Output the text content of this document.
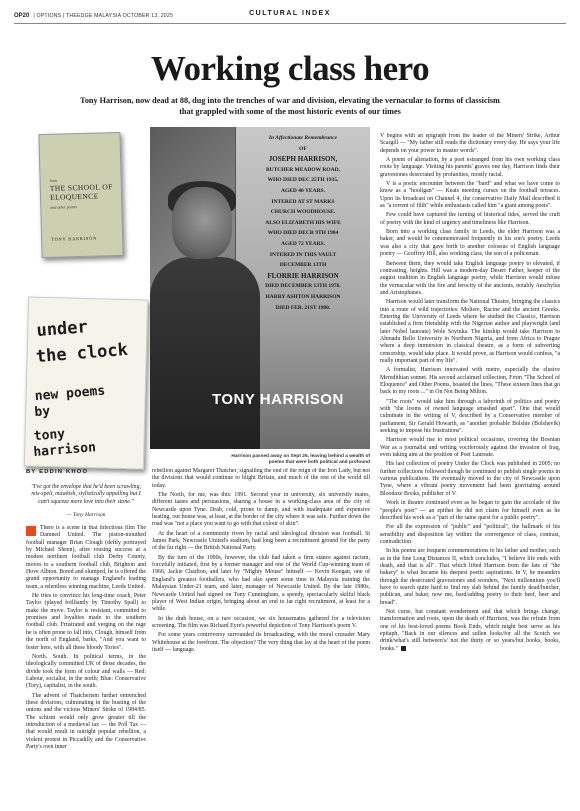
OP20 | OPTIONS | THEEDGE MALAYSIA OCTOBER 13, 2025	CULTURAL INDEX
Working class hero
Tony Harrison, now dead at 88, dug into the trenches of war and division, elevating the vernacular to forms of classicism that grappled with some of the most historic events of our times
from
THE SCHOOL OF ELOQUENCE
and other poems
TONY HARRISON
under
the clock
new poems
by
tony
harrison
In Affectionate Remembrance
OF
JOSEPH HARRISON,
BUTCHER MEADOW ROAD,
WHO DIED DEC 25TH 1935,
AGED 40 YEARS.
INTERED AT ST MARKS
CHURCH WOODHOUSE.
ALSO ELIZABETH HIS WIFE
WHO DIED DECR 9TH 1984
AGED 72 YEARS.
INTERED IN THIS VAULT
DECEMBER 13TH
FLORRIE HARRISON
DIED DECEMBER 13TH 1976.
HARRY ASHTON HARRISON
DIED FEB. 21ST 1980.
TONY HARRISON
Harrison passed away on Sept 26, leaving behind a wealth of poems that were both political and profound
BY EDDIN KHOO
"I've got the envelope that he'd been scrawling, mis-spelt, mawkish, stylistically appalling but I can't squeeze more love into their stone."
— Tony Harrison

There is a scene in that infectious film The Damned United. The piston-mouthed football manager Brian Clough (deftly portrayed by Michael Sheen), after rousing success at a modest northern football club Derby County, moves to a southern football club, Brighton and Hove Albion. Bored and slumped, he is offered the grand opportunity to manage England's leading team, a relentless winning machine, Leeds United.

He tries to convince his long-time coach, Peter Taylor (played brilliantly by Timothy Spall) to make the move. Taylor is resistant, committed to promises and loyalties made to the southern football club. Frustrated and verging on the rage he is often prone to fall into, Clough, himself from the north of England, barks, "And you want to fester here, with all these bloody Tories".

North. South. In political terms, in the ideologically committed UK of those decades, the divide took the form of colour and walls — Red: Labour, socialist, in the north; Blue: Conservative (Tory), capitalist, in the south.

The advent of Thatcherism further entrenched these divisions, culminating in the busting of the unions and the vicious Miners' Strike of 1984/85. The schism would only grow greater till the introduction of a medieval tax — the Poll Tax — that would result in outright popular rebellion, a violent protest in Piccadilly and the Conservative Party's own inner

rebellion against Margaret Thatcher, signalling the end of the reign of the Iron Lady, but not the divisions that would continue to blight Britain, and much of the rest of the world till today.

The North, for me, was this: 1991. Second year in university, six university mates, different tastes and persuasions, sharing a house in a working-class area of the city of Newcastle upon Tyne. Drab, cold, prone to damp, and with inadequate and expensive heating, our house was, at least, at the border of the city where it was safe. Further down the road was "not a place you want to go with that colour of skin".

At the heart of a community riven by racial and ideological division was football. St James Park, Newcastle United's stadium, had long been a recruitment ground for the party of the far right — the British National Party.

By the turn of the 1990s, however, the club had taken a firm stance against racism, forcefully initiated, first by a former manager and one of the World Cup-winning team of 1966, Jackie Charlton, and later by "Mighty Mouse" himself — Kevin Keegan, one of England's greatest footballers, who had also spent some time in Malaysia training the Malaysian Under-21 team, and later, manager of Newcastle United. By the late 1980s, Newcastle United had signed on Tony Cunningham, a speedy, spectacularly skilful black player of West Indian origin, bringing about an end to far right recruitment, at least for a while.

In the drab house, on a rare occasion, we six housemates gathered for a television screening. The film was Richard Eyre's powerful depiction of Tony Harrison's poem V.

For some years controversy surrounded its broadcasting, with the moral crusader Mary Whitehouse at the forefront. The objection? The very thing that lay at the heart of the poem itself — language.

V begins with an epigraph from the leader of the Miners' Strike, Arthur Scargill — "My father still reads the dictionary every day. He says your life depends on your power to master words".

A poem of alienation, by a poet estranged from his own working class roots by language. Visiting his parents' graves one day, Harrison finds their gravestones desecrated by profanities, mostly racial.

V is a poetic encounter between the "bard" and what we have come to know as a "hooligan" — Keats meeting curses on the football terraces. Upon its broadcast on Channel 4, the conservative Daily Mail described it as "a torrent of filth" while enthusiasts called him "a giant among poets".

Few could have captured the turning of historical tides, served the craft of poetry with the kind of urgency and timeliness like Harrison.

Born into a working class family in Leeds, the elder Harrison was a baker, and would be commemorated frequently in his son's poetry. Leeds was also a city that gave birth to another colossus of English language poetry — Geoffrey Hill, also working class, the son of a policeman.

Between them, they would take English language poetry to elevated, if contrasting, heights. Hill was a modern-day Desert Father, keeper of the august tradition in English language poetry, while Harrison would infuse the vernacular with the fire and ferocity of the ancients, notably Aeschylus and Aristophanes.

Harrison would later transform the National Theatre, bringing the classics into a route of wild trajectories: Moliere, Racine and the ancient Greeks. Entering the University of Leeds where he studied the Classics, Harrison established a firm friendship with the Nigerian author and playwright (and later Nobel laureate) Wole Soyinka. The kinship would take Harrison to Ahmadu Bello University in Northern Nigeria, and from Africa to Prague where a deep immersion in classical theatre, as a form of subverting censorship, would take place. It would prove, as Harrison would confess, "a really important part of my life".

A formalist, Harrison innovated with metre, especially the elusive Meredithian sonnet. His second acclaimed collection, From "The School of Eloquence" and Other Poems, boasted the lines, "These sixteen lines that go back to my roots ..." in On Not Being Milton.

"The roots" would take him through a labyrinth of politics and poetry with "the looms of owned language smashed apart". One that would culminate in the writing of V, described by a Conservative member of parliament, Sir Gerald Howarth, as "another probable Bolshie (Bolshevik) seeking to impose his frustrations".

Harrison would rise to most political occasions, covering the Bosnian War as a journalist and writing vociferously against the invasion of Iraq, even taking aim at the position of Poet Laureate.

His last collection of poetry Under the Clock was published in 2005; no further collections followed though he continued to publish single poems in various publications. He eventually moved to the city of Newcastle upon Tyne, where a vibrant poetry movement had been gravitating around Bloodaxe Books, publisher of V.

Work in theatre continued even as he began to gain the accolade of the "people's poet" — an epithet he did not claim for himself even as he described his work as a "part of the same quest for a public poetry".

For all the expression of "public" and "political", the hallmark of his sensibility and disposition lay within: the convergence of class, contrast, contradiction.

In his poems are frequent commemorations to his father and mother, such as in the fine Long Distances II, which concludes, "I believe life ends with death, and that is all". That which lifted Harrison from the fate of "the bakery" is what became his deepest poetic aspirations. In V, he meanders through the desecrated gravestones and wonders, "Next millennium you'll have to search quite hard to find my slab behind the family dead/butcher, publican, and baker, now me, bard/adding poetry to their beef, beer and bread".

Not curse, but constant wonderment and that which brings change, transformation and roots, upon the death of Harrison, was the refrain from one of his best-loved poems Book Ends, which might best serve as his epitaph, "Back in our silences and sullen looks/for all the Scotch we drink/what's still between's/ not the thirty or so years/but books, books, books."
